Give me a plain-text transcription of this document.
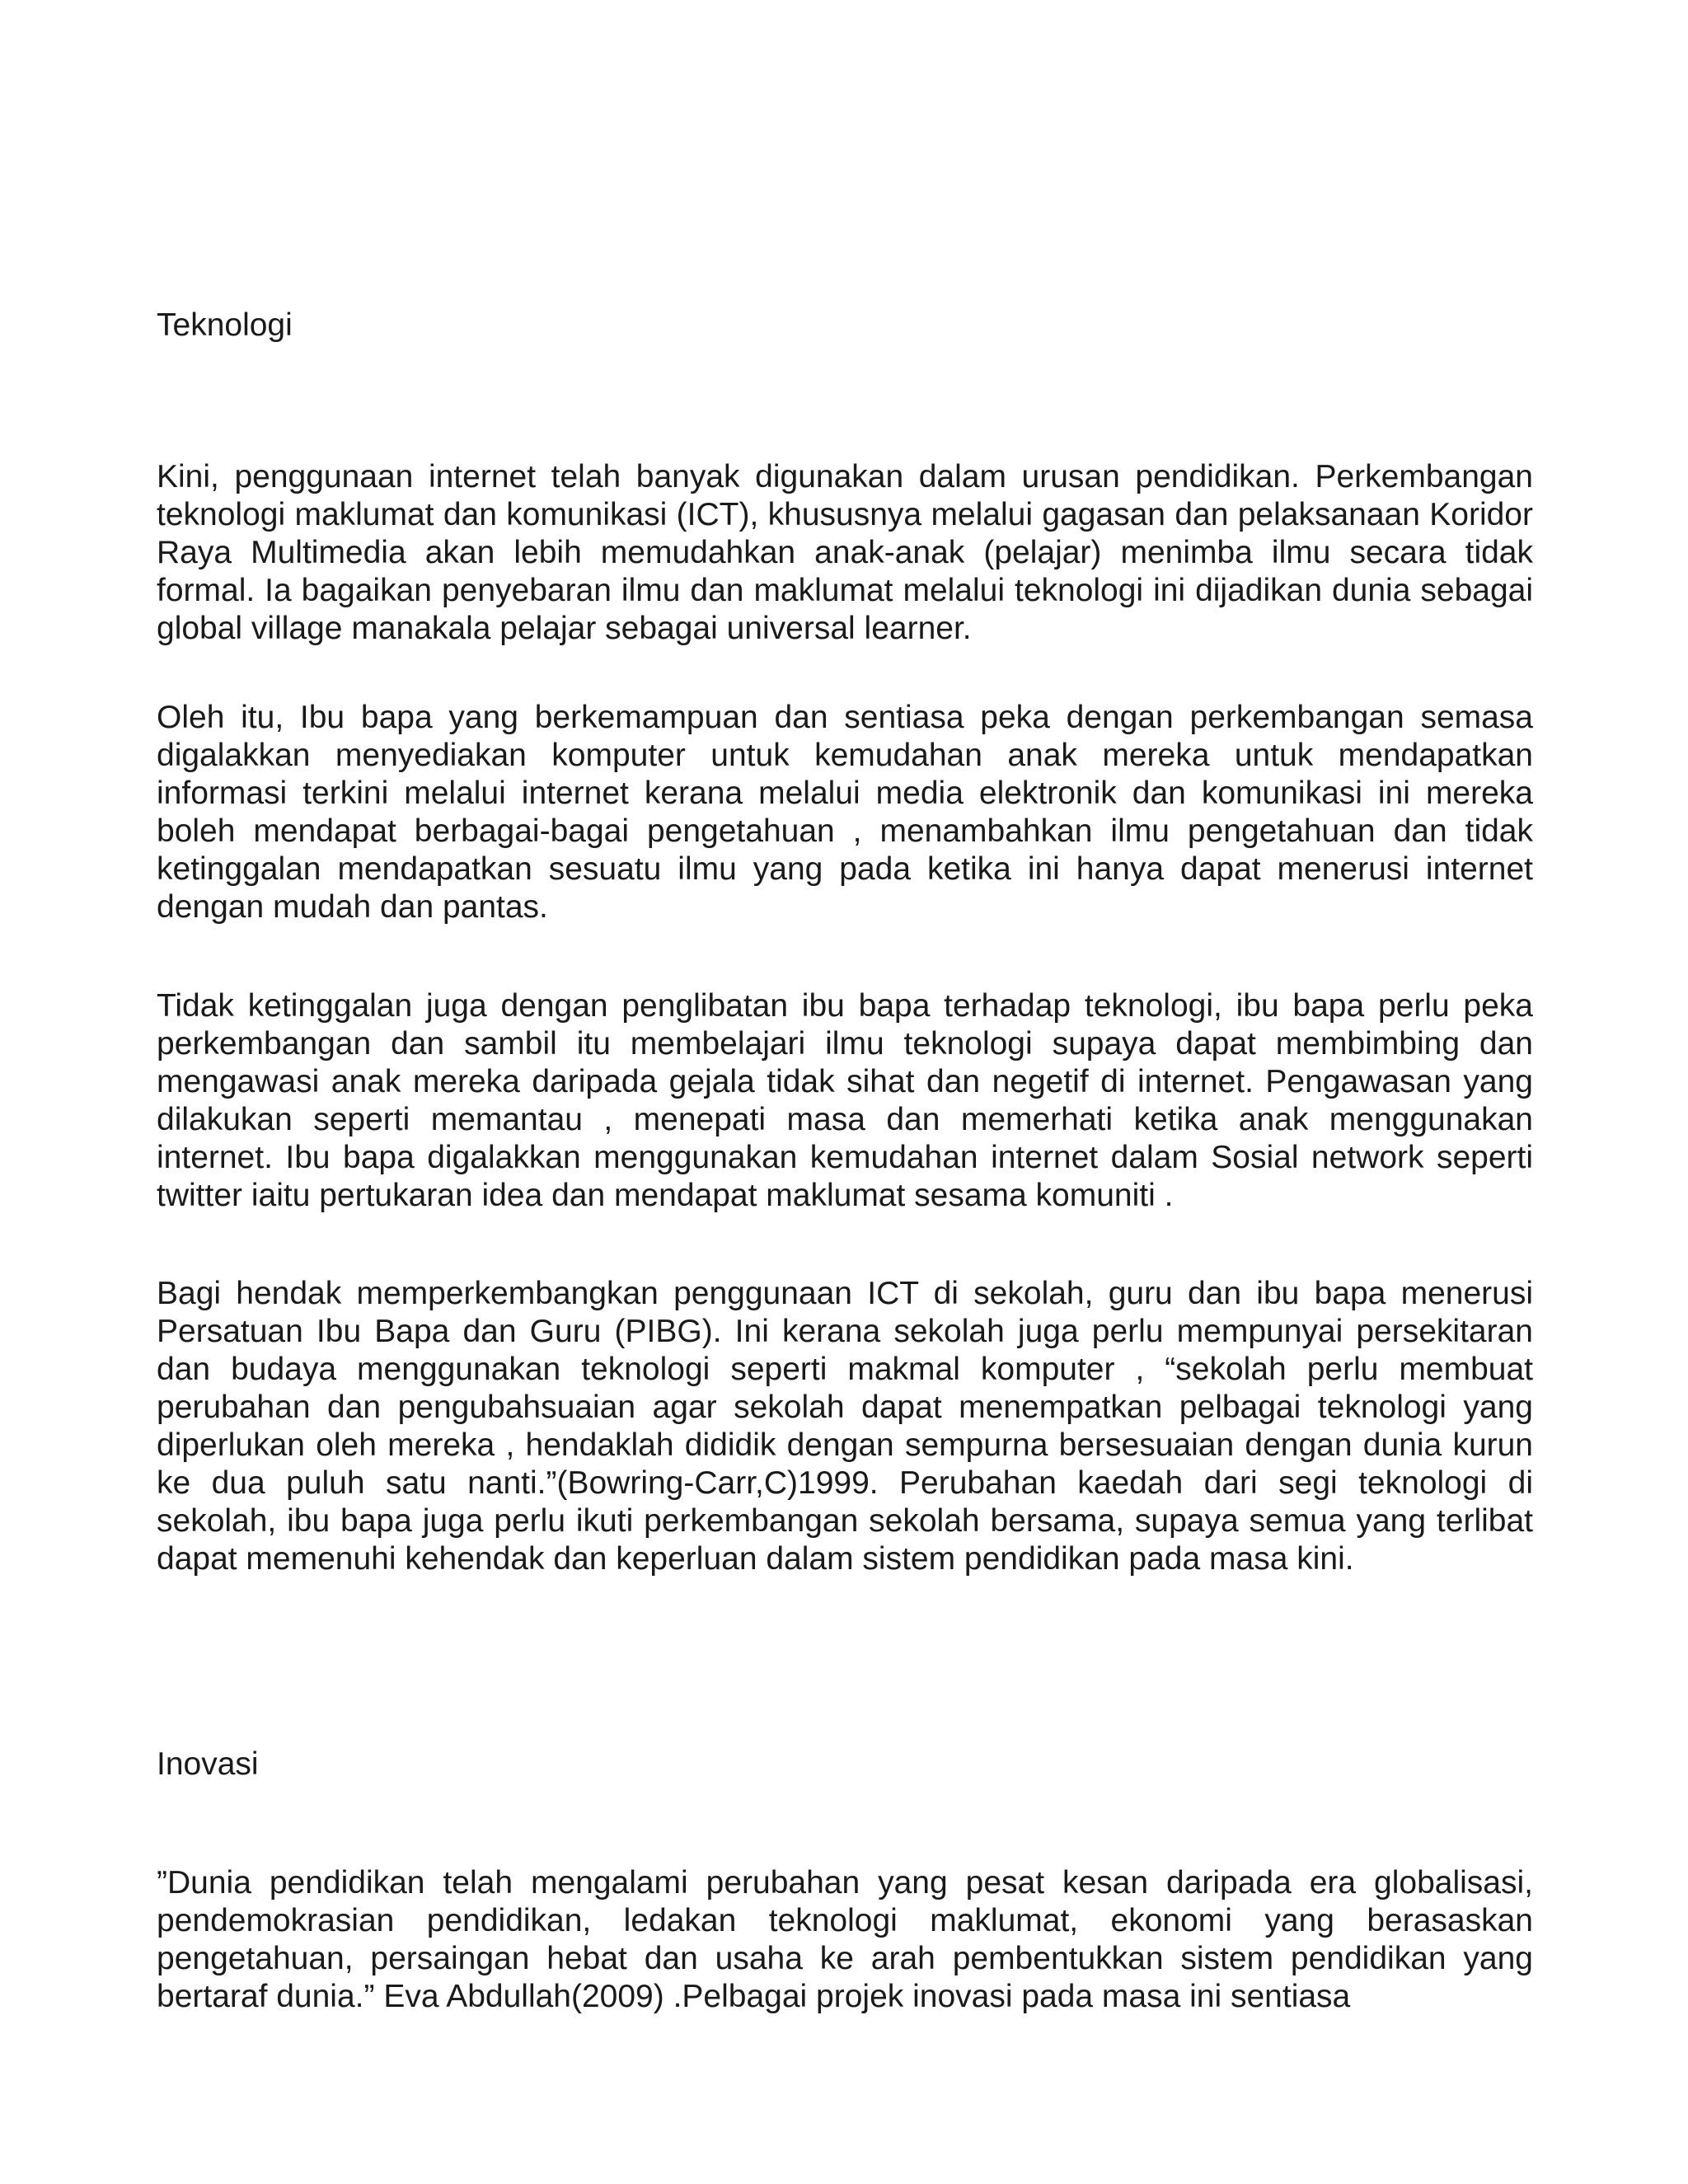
Teknologi

Kini, penggunaan internet telah banyak digunakan dalam urusan pendidikan. Perkembangan teknologi maklumat dan komunikasi (ICT), khususnya melalui gagasan dan pelaksanaan Koridor Raya Multimedia akan lebih memudahkan anak-anak (pelajar) menimba ilmu secara tidak formal. Ia bagaikan penyebaran ilmu dan maklumat melalui teknologi ini dijadikan dunia sebagai global village manakala pelajar sebagai universal learner.

Oleh itu, Ibu bapa yang berkemampuan dan sentiasa peka dengan perkembangan semasa digalakkan menyediakan komputer untuk kemudahan anak mereka untuk mendapatkan informasi terkini melalui internet kerana melalui media elektronik dan komunikasi ini mereka boleh mendapat berbagai-bagai pengetahuan , menambahkan ilmu pengetahuan dan tidak ketinggalan mendapatkan sesuatu ilmu yang pada ketika ini hanya dapat menerusi internet dengan mudah dan pantas.

Tidak ketinggalan juga dengan penglibatan ibu bapa terhadap teknologi, ibu bapa perlu peka perkembangan dan sambil itu membelajari ilmu teknologi supaya dapat membimbing dan mengawasi anak mereka daripada gejala tidak sihat dan negetif di internet. Pengawasan yang dilakukan seperti memantau , menepati masa dan memerhati ketika anak menggunakan internet. Ibu bapa digalakkan menggunakan kemudahan internet dalam Sosial network seperti twitter iaitu pertukaran idea dan mendapat maklumat sesama komuniti .

Bagi hendak memperkembangkan penggunaan ICT di sekolah, guru dan ibu bapa menerusi Persatuan Ibu Bapa dan Guru (PIBG). Ini kerana sekolah juga perlu mempunyai persekitaran dan budaya menggunakan teknologi seperti makmal komputer , “sekolah perlu membuat perubahan dan pengubahsuaian agar sekolah dapat menempatkan pelbagai teknologi yang diperlukan oleh mereka , hendaklah dididik dengan sempurna bersesuaian dengan dunia kurun ke dua puluh satu nanti.”(Bowring-Carr,C)1999. Perubahan kaedah dari segi teknologi di sekolah, ibu bapa juga perlu ikuti perkembangan sekolah bersama, supaya semua yang terlibat dapat memenuhi kehendak dan keperluan dalam sistem pendidikan pada masa kini.

Inovasi

”Dunia pendidikan telah mengalami perubahan yang pesat kesan daripada era globalisasi, pendemokrasian pendidikan, ledakan teknologi maklumat, ekonomi yang berasaskan pengetahuan, persaingan hebat dan usaha ke arah pembentukkan sistem pendidikan yang bertaraf dunia.” Eva Abdullah(2009) .Pelbagai projek inovasi pada masa ini sentiasa
